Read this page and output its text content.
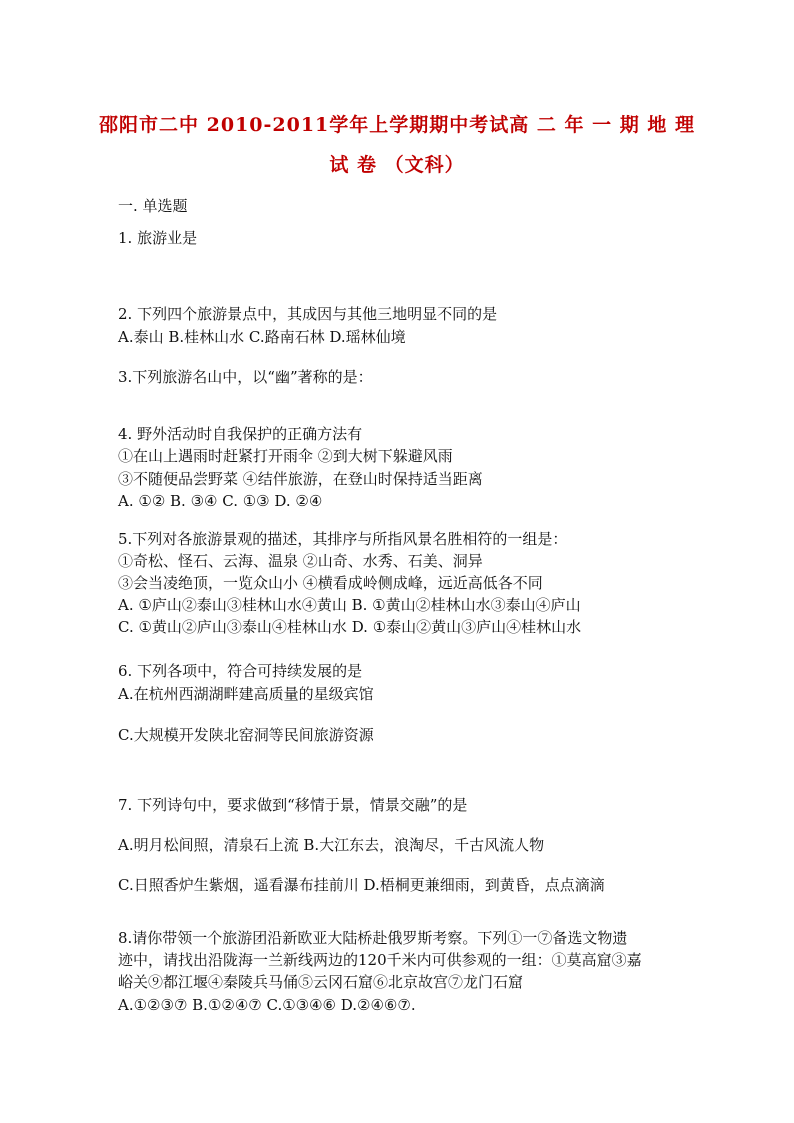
邵阳市二中 2010-2011学年上学期期中考试高 二 年 一 期 地 理
试 卷 （文科）
一. 单选题
1. 旅游业是
2. 下列四个旅游景点中，其成因与其他三地明显不同的是
A.泰山 B.桂林山水 C.路南石林 D.瑶林仙境
3.下列旅游名山中，以“幽”著称的是：
4. 野外活动时自我保护的正确方法有
①在山上遇雨时赶紧打开雨伞 ②到大树下躲避风雨
③不随便品尝野菜 ④结伴旅游，在登山时保持适当距离
A. ①② B. ③④ C. ①③ D. ②④
5.下列对各旅游景观的描述，其排序与所指风景名胜相符的一组是：
①奇松、怪石、云海、温泉 ②山奇、水秀、石美、洞异
③会当凌绝顶，一览众山小 ④横看成岭侧成峰，远近高低各不同
A. ①庐山②泰山③桂林山水④黄山 B. ①黄山②桂林山水③泰山④庐山
C. ①黄山②庐山③泰山④桂林山水 D. ①泰山②黄山③庐山④桂林山水
6. 下列各项中，符合可持续发展的是
A.在杭州西湖湖畔建高质量的星级宾馆
C.大规模开发陕北窑洞等民间旅游资源
7. 下列诗句中，要求做到“移情于景，情景交融”的是
A.明月松间照，清泉石上流 B.大江东去，浪淘尽，千古风流人物
C.日照香炉生紫烟，遥看瀑布挂前川 D.梧桐更兼细雨，到黄昏，点点滴滴
8.请你带领一个旅游团沿新欧亚大陆桥赴俄罗斯考察。下列①一⑦备选文物遗
迹中，请找出沿陇海一兰新线两边的120千米内可供参观的一组：①莫高窟③嘉
峪关⑨都江堰④秦陵兵马俑⑤云冈石窟⑥北京故宫⑦龙门石窟
A.①②③⑦ B.①②④⑦ C.①③④⑥ D.②④⑥⑦.
